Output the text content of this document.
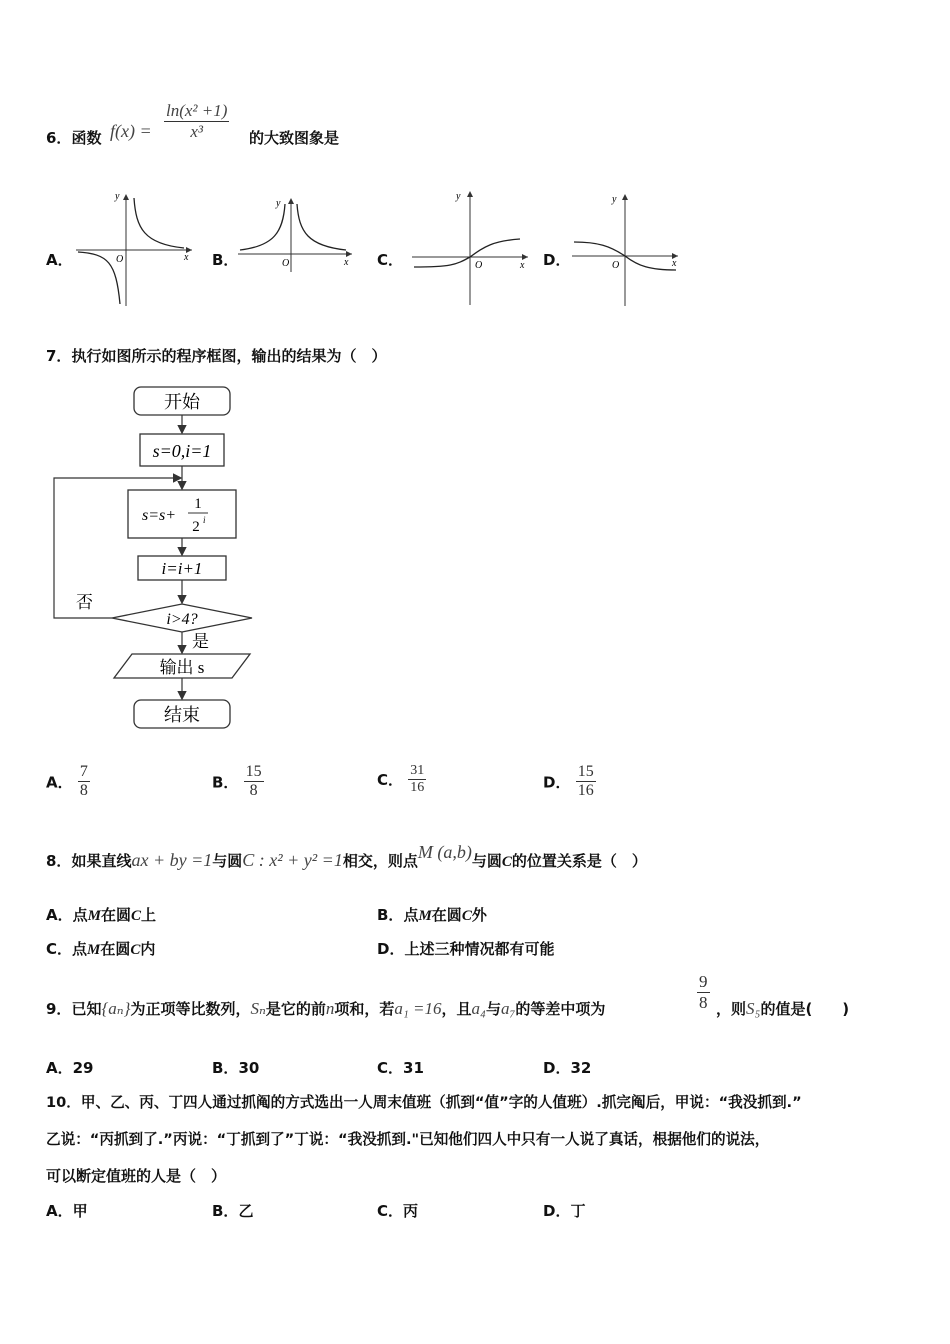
6．函数 $f(x) = \frac{\text{ln(x² +1)}}{\text{x³}}$ 的大致图象是
A．	B．	C．	D．
y
O	x
y
O	x
y
O	x
y
O	x
7．执行如图所示的程序框图，输出的结果为（　）
开始
s=0,i=1
s=s+
1
2 i
i=i+1
i>4?
否
是
输出 s
结束
A． $\frac{7}{8}$	B． $\frac{15}{8}$	C． $\frac{31}{16}$	D． $\frac{15}{16}$
8．如果直线ax + by =1与圆C : x² + y² =1相交，则点M (a,b)与圆C的位置关系是（　）
A．点M在圆C上	B．点M在圆C外
C．点M在圆C内	D．上述三种情况都有可能
9．已知{aₙ}为正项等比数列，Sₙ是它的前n项和，若a₁ =16，且a₄与a₇的等差中项为	$\frac{9}{8}$ ，则S₅的值是(　　)
A．29	B．30	C．31	D．32
10．甲、乙、丙、丁四人通过抓阄的方式选出一人周末值班（抓到“值”字的人值班）.抓完阄后，甲说：“我没抓到.”
乙说：“丙抓到了.”丙说：“丁抓到了”丁说：“我没抓到."已知他们四人中只有一人说了真话，根据他们的说法，
可以断定值班的人是（　）
A．甲	B．乙	C．丙	D．丁
